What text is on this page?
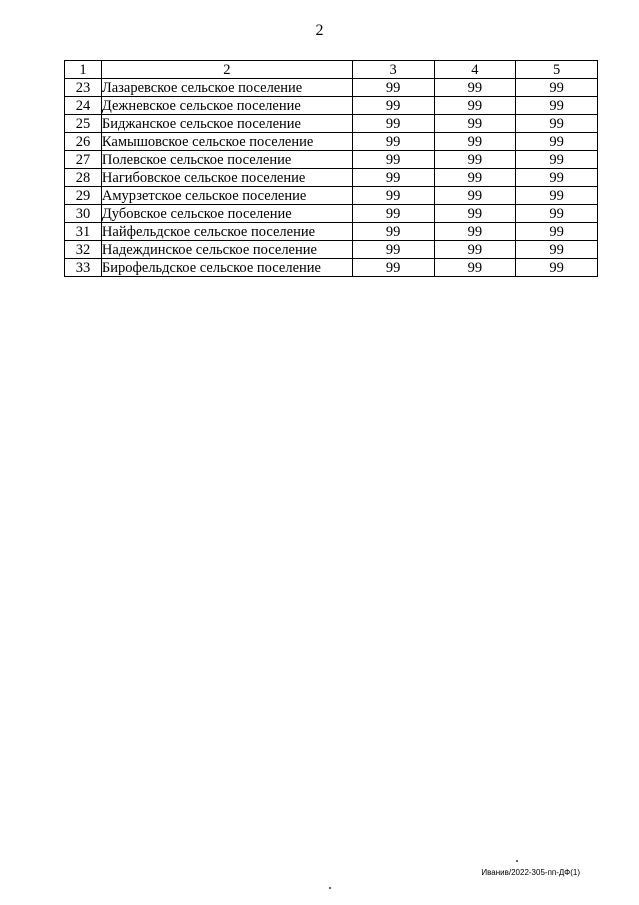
2
1	2	3	4	5
23	Лазаревское сельское поселение	99	99	99
24	Дежневское сельское поселение	99	99	99
25	Биджанское сельское поселение	99	99	99
26	Камышовское сельское поселение	99	99	99
27	Полевское сельское поселение	99	99	99
28	Нагибовское сельское поселение	99	99	99
29	Амурзетское сельское поселение	99	99	99
30	Дубовское сельское поселение	99	99	99
31	Найфельдское сельское поселение	99	99	99
32	Надеждинское сельское поселение	99	99	99
33	Бирофельдское сельское поселение	99	99	99
Иванив/2022-305-пп-ДФ(1)
